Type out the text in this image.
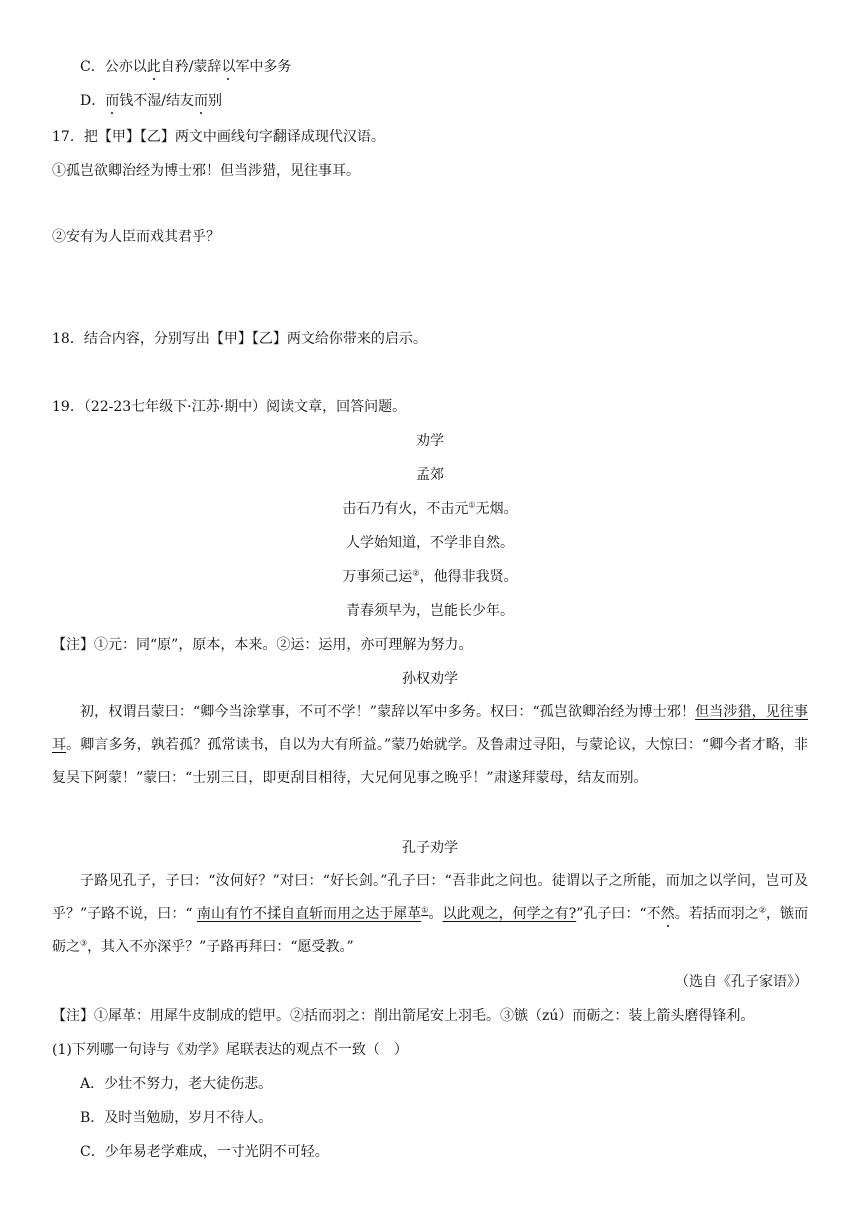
C．公亦以此自矜/蒙辞以军中多务
D．而钱不湿/结友而别
17．把【甲】【乙】两文中画线句字翻译成现代汉语。
①孤岂欲卿治经为博士邪！但当涉猎，见往事耳。
②安有为人臣而戏其君乎？
18．结合内容，分别写出【甲】【乙】两文给你带来的启示。
19．（22-23七年级下·江苏·期中）阅读文章，回答问题。
劝学
孟郊
击石乃有火，不击元①无烟。
人学始知道，不学非自然。
万事须己运②，他得非我贤。
青春须早为，岂能长少年。
【注】①元：同“原”，原本，本来。②运：运用，亦可理解为努力。
孙权劝学
初，权谓吕蒙曰：“卿今当涂掌事，不可不学！”蒙辞以军中多务。权曰：“孤岂欲卿治经为博士邪！但当涉猎，见往事耳。卿言多务，孰若孤？孤常读书，自以为大有所益。”蒙乃始就学。及鲁肃过寻阳，与蒙论议，大惊曰：“卿今者才略，非复吴下阿蒙！”蒙曰：“士别三日，即更刮目相待，大兄何见事之晚乎！”肃遂拜蒙母，结友而别。
孔子劝学
子路见孔子，子曰：“汝何好？”对曰：“好长剑。”孔子曰：“吾非此之问也。徒谓以子之所能，而加之以学问，岂可及乎？”子路不说，曰：“ 南山有竹不揉自直斩而用之达于犀革①。以此观之，何学之有?”孔子曰：“不然。若括而羽之②，镞而砺之③，其入不亦深乎？”子路再拜曰：“愿受教。”
（选自《孔子家语》）
【注】①犀革：用犀牛皮制成的铠甲。②括而羽之：削出箭尾安上羽毛。③镞（zú）而砺之：装上箭头磨得锋利。
(1)下列哪一句诗与《劝学》尾联表达的观点不一致（　）
A．少壮不努力，老大徒伤悲。
B．及时当勉励，岁月不待人。
C．少年易老学难成，一寸光阴不可轻。
